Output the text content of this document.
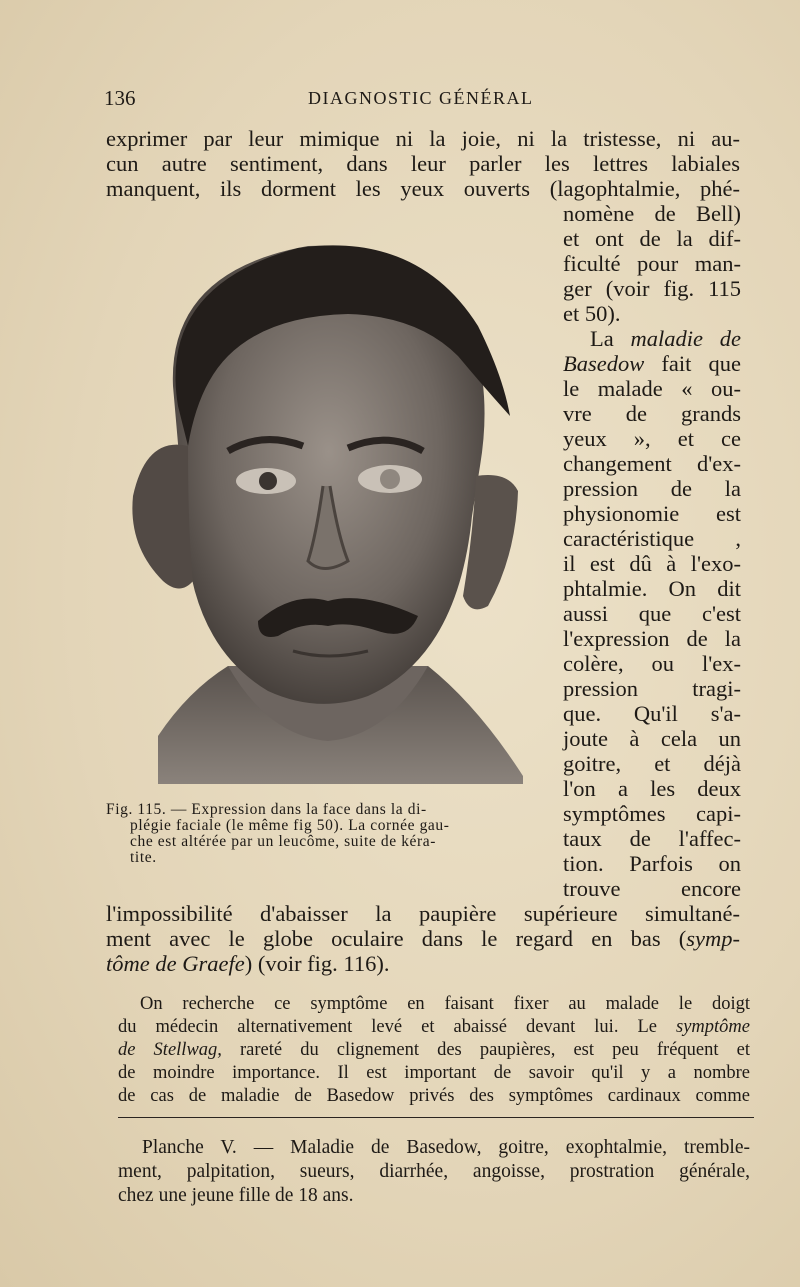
136	DIAGNOSTIC GÉNÉRAL
exprimer par leur mimique ni la joie, ni la tristesse, ni au-
cun autre sentiment, dans leur parler les lettres labiales
manquent, ils dorment les yeux ouverts (lagophtalmie, phé-
nomène de Bell)
et ont de la dif-
ficulté pour man-
ger (voir fig. 115
et 50).
La maladie de
Basedow fait que
le malade « ou-
vre de grands
yeux », et ce
changement d'ex-
pression de la
physionomie est
caractéristique ,
il est dû à l'exo-
phtalmie. On dit
aussi que c'est
l'expression de la
colère, ou l'ex-
pression tragi-
que. Qu'il s'a-
joute à cela un
goitre, et déjà
l'on a les deux
symptômes capi-
taux de l'affec-
tion. Parfois on
trouve encore
Fig. 115. — Expression dans la face dans la di-
plégie faciale (le même fig 50). La cornée gau-
che est altérée par un leucôme, suite de kéra-
tite.
l'impossibilité d'abaisser la paupière supérieure simultané-
ment avec le globe oculaire dans le regard en bas (symp-
tôme de Graefe) (voir fig. 116).
On recherche ce symptôme en faisant fixer au malade le doigt
du médecin alternativement levé et abaissé devant lui. Le symptôme
de Stellwag, rareté du clignement des paupières, est peu fréquent et
de moindre importance. Il est important de savoir qu'il y a nombre
de cas de maladie de Basedow privés des symptômes cardinaux comme
Planche V. — Maladie de Basedow, goitre, exophtalmie, tremble-
ment, palpitation, sueurs, diarrhée, angoisse, prostration générale,
chez une jeune fille de 18 ans.
